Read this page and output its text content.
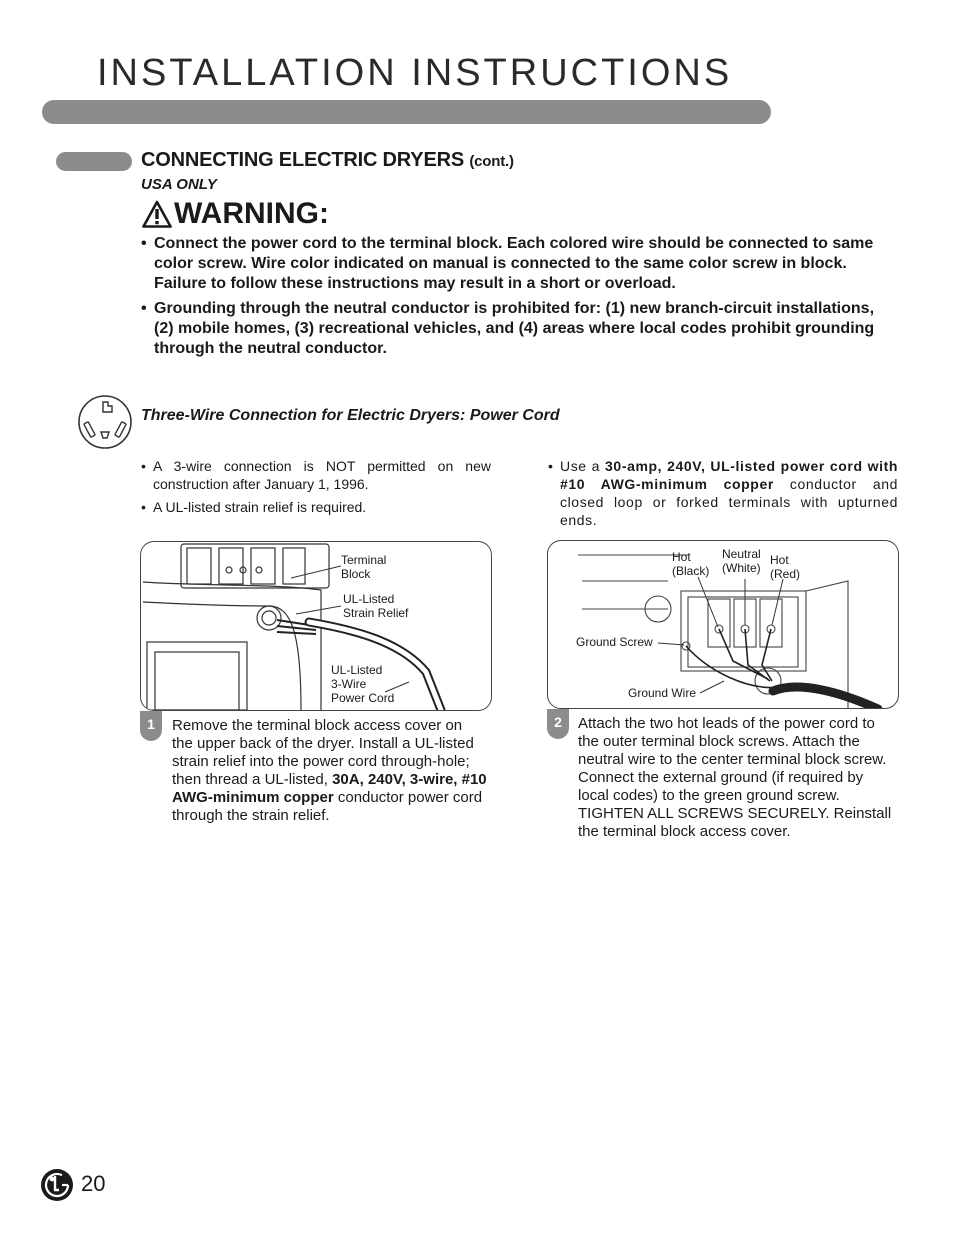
INSTALLATION INSTRUCTIONS
CONNECTING ELECTRIC DRYERS (cont.)

USA ONLY

WARNING:
• Connect the power cord to the terminal block. Each colored wire should be connected to same color screw. Wire color indicated on manual is connected to the same color screw in block. Failure to follow these instructions may result in a short or overload.
• Grounding through the neutral conductor is prohibited for: (1) new branch-circuit installations, (2) mobile homes, (3) recreational vehicles, and (4) areas where local codes prohibit grounding through the neutral conductor.
Three-Wire Connection for Electric Dryers: Power Cord
• A 3-wire connection is NOT permitted on new construction after January 1, 1996.
• A UL-listed strain relief is required.
• Use a 30-amp, 240V, UL-listed power cord with #10 AWG-minimum copper conductor and closed loop or forked terminals with upturned ends.
Terminal
Block
UL-Listed
Strain Relief
UL-Listed
3-Wire
Power Cord
Hot
(Black)
Neutral
(White)
Hot
(Red)
Ground Screw
Ground Wire
1	Remove the terminal block access cover on the upper back of the dryer. Install a UL-listed strain relief into the power cord through-hole; then thread a UL-listed, 30A, 240V, 3-wire, #10 AWG-minimum copper conductor power cord through the strain relief.

2	Attach the two hot leads of the power cord to the outer terminal block screws. Attach the neutral wire to the center terminal block screw. Connect the external ground (if required by local codes) to the green ground screw. TIGHTEN ALL SCREWS SECURELY. Reinstall the terminal block access cover.

20
